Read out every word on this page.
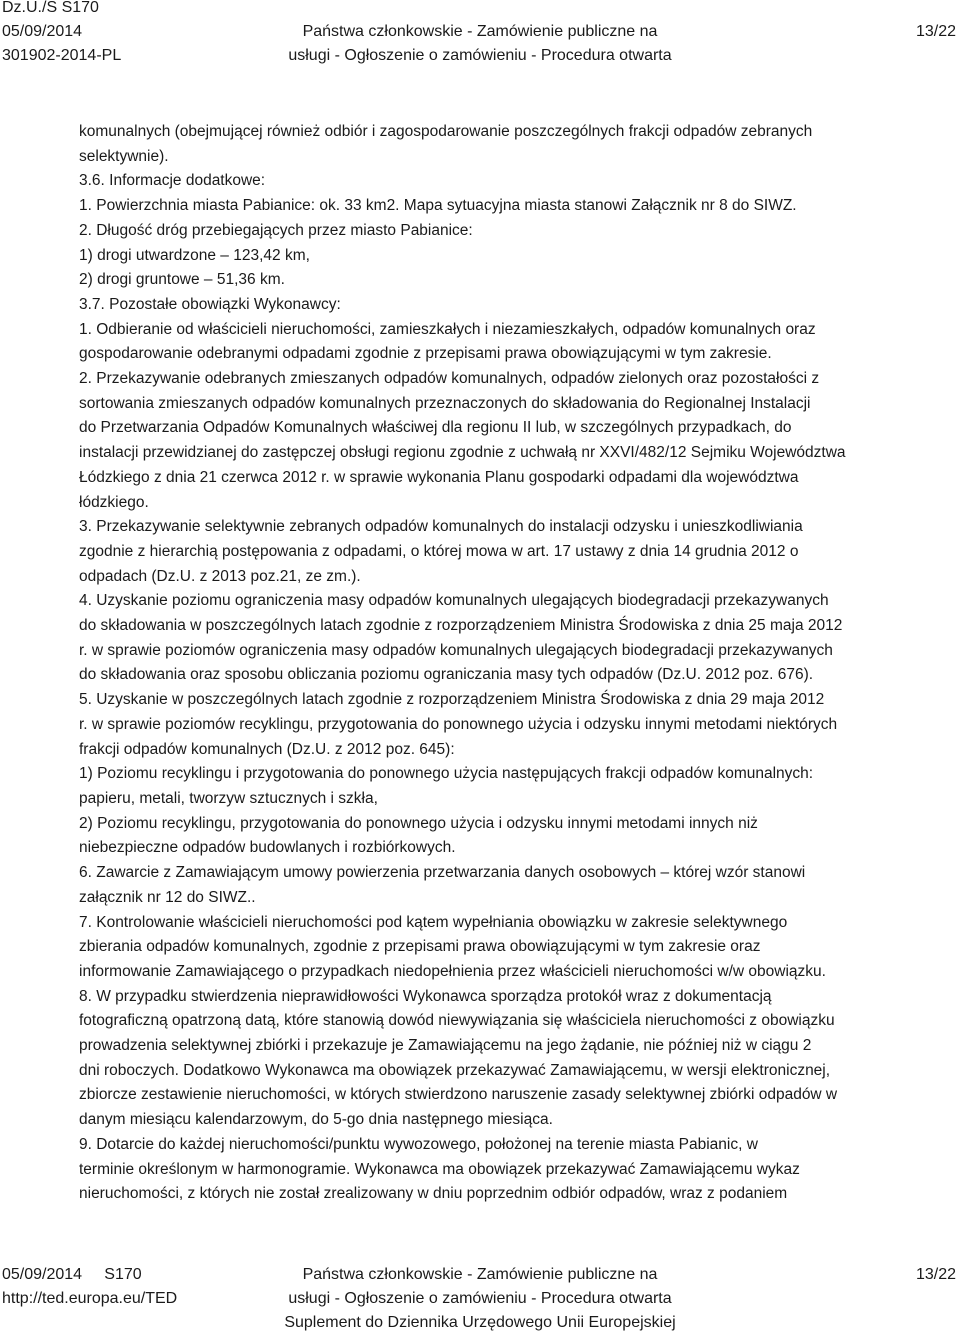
Dz.U./S S170
05/09/2014
301902-2014-PL
Państwa członkowskie - Zamówienie publiczne na
usługi - Ogłoszenie o zamówieniu - Procedura otwarta
13/22

komunalnych (obejmującej również odbiór i zagospodarowanie poszczególnych frakcji odpadów zebranych

selektywnie).

3.6. Informacje dodatkowe:

1. Powierzchnia miasta Pabianice: ok. 33 km2. Mapa sytuacyjna miasta stanowi Załącznik nr 8 do SIWZ.

2. Długość dróg przebiegających przez miasto Pabianice:

1) drogi utwardzone – 123,42 km,

2) drogi gruntowe – 51,36 km.

3.7. Pozostałe obowiązki Wykonawcy:

1. Odbieranie od właścicieli nieruchomości, zamieszkałych i niezamieszkałych, odpadów komunalnych oraz

gospodarowanie odebranymi odpadami zgodnie z przepisami prawa obowiązującymi w tym zakresie.

2. Przekazywanie odebranych zmieszanych odpadów komunalnych, odpadów zielonych oraz pozostałości z

sortowania zmieszanych odpadów komunalnych przeznaczonych do składowania do Regionalnej Instalacji

do Przetwarzania Odpadów Komunalnych właściwej dla regionu II lub, w szczególnych przypadkach, do

instalacji przewidzianej do zastępczej obsługi regionu zgodnie z uchwałą nr XXVI/482/12 Sejmiku Województwa

Łódzkiego z dnia 21 czerwca 2012 r. w sprawie wykonania Planu gospodarki odpadami dla województwa

łódzkiego.

3. Przekazywanie selektywnie zebranych odpadów komunalnych do instalacji odzysku i unieszkodliwiania

zgodnie z hierarchią postępowania z odpadami, o której mowa w art. 17 ustawy z dnia 14 grudnia 2012 o

odpadach (Dz.U. z 2013 poz.21, ze zm.).

4. Uzyskanie poziomu ograniczenia masy odpadów komunalnych ulegających biodegradacji przekazywanych

do składowania w poszczególnych latach zgodnie z rozporządzeniem Ministra Środowiska z dnia 25 maja 2012

r. w sprawie poziomów ograniczenia masy odpadów komunalnych ulegających biodegradacji przekazywanych

do składowania oraz sposobu obliczania poziomu ograniczania masy tych odpadów (Dz.U. 2012 poz. 676).

5. Uzyskanie w poszczególnych latach zgodnie z rozporządzeniem Ministra Środowiska z dnia 29 maja 2012

r. w sprawie poziomów recyklingu, przygotowania do ponownego użycia i odzysku innymi metodami niektórych

frakcji odpadów komunalnych (Dz.U. z 2012 poz. 645):

1) Poziomu recyklingu i przygotowania do ponownego użycia następujących frakcji odpadów komunalnych:

papieru, metali, tworzyw sztucznych i szkła,

2) Poziomu recyklingu, przygotowania do ponownego użycia i odzysku innymi metodami innych niż

niebezpieczne odpadów budowlanych i rozbiórkowych.

6. Zawarcie z Zamawiającym umowy powierzenia przetwarzania danych osobowych – której wzór stanowi

załącznik nr 12 do SIWZ..

7. Kontrolowanie właścicieli nieruchomości pod kątem wypełniania obowiązku w zakresie selektywnego

zbierania odpadów komunalnych, zgodnie z przepisami prawa obowiązującymi w tym zakresie oraz

informowanie Zamawiającego o przypadkach niedopełnienia przez właścicieli nieruchomości w/w obowiązku.

8. W przypadku stwierdzenia nieprawidłowości Wykonawca sporządza protokół wraz z dokumentacją

fotograficzną opatrzoną datą, które stanowią dowód niewywiązania się właściciela nieruchomości z obowiązku

prowadzenia selektywnej zbiórki i przekazuje je Zamawiającemu na jego żądanie, nie później niż w ciągu 2

dni roboczych. Dodatkowo Wykonawca ma obowiązek przekazywać Zamawiającemu, w wersji elektronicznej,

zbiorcze zestawienie nieruchomości, w których stwierdzono naruszenie zasady selektywnej zbiórki odpadów w

danym miesiącu kalendarzowym, do 5-go dnia następnego miesiąca.

9. Dotarcie do każdej nieruchomości/punktu wywozowego, położonej na terenie miasta Pabianic, w

terminie określonym w harmonogramie. Wykonawca ma obowiązek przekazywać Zamawiającemu wykaz

nieruchomości, z których nie został zrealizowany w dniu poprzednim odbiór odpadów, wraz z podaniem

05/09/2014     S170
http://ted.europa.eu/TED
Państwa członkowskie - Zamówienie publiczne na
usługi - Ogłoszenie o zamówieniu - Procedura otwarta
Suplement do Dziennika Urzędowego Unii Europejskiej
13/22
